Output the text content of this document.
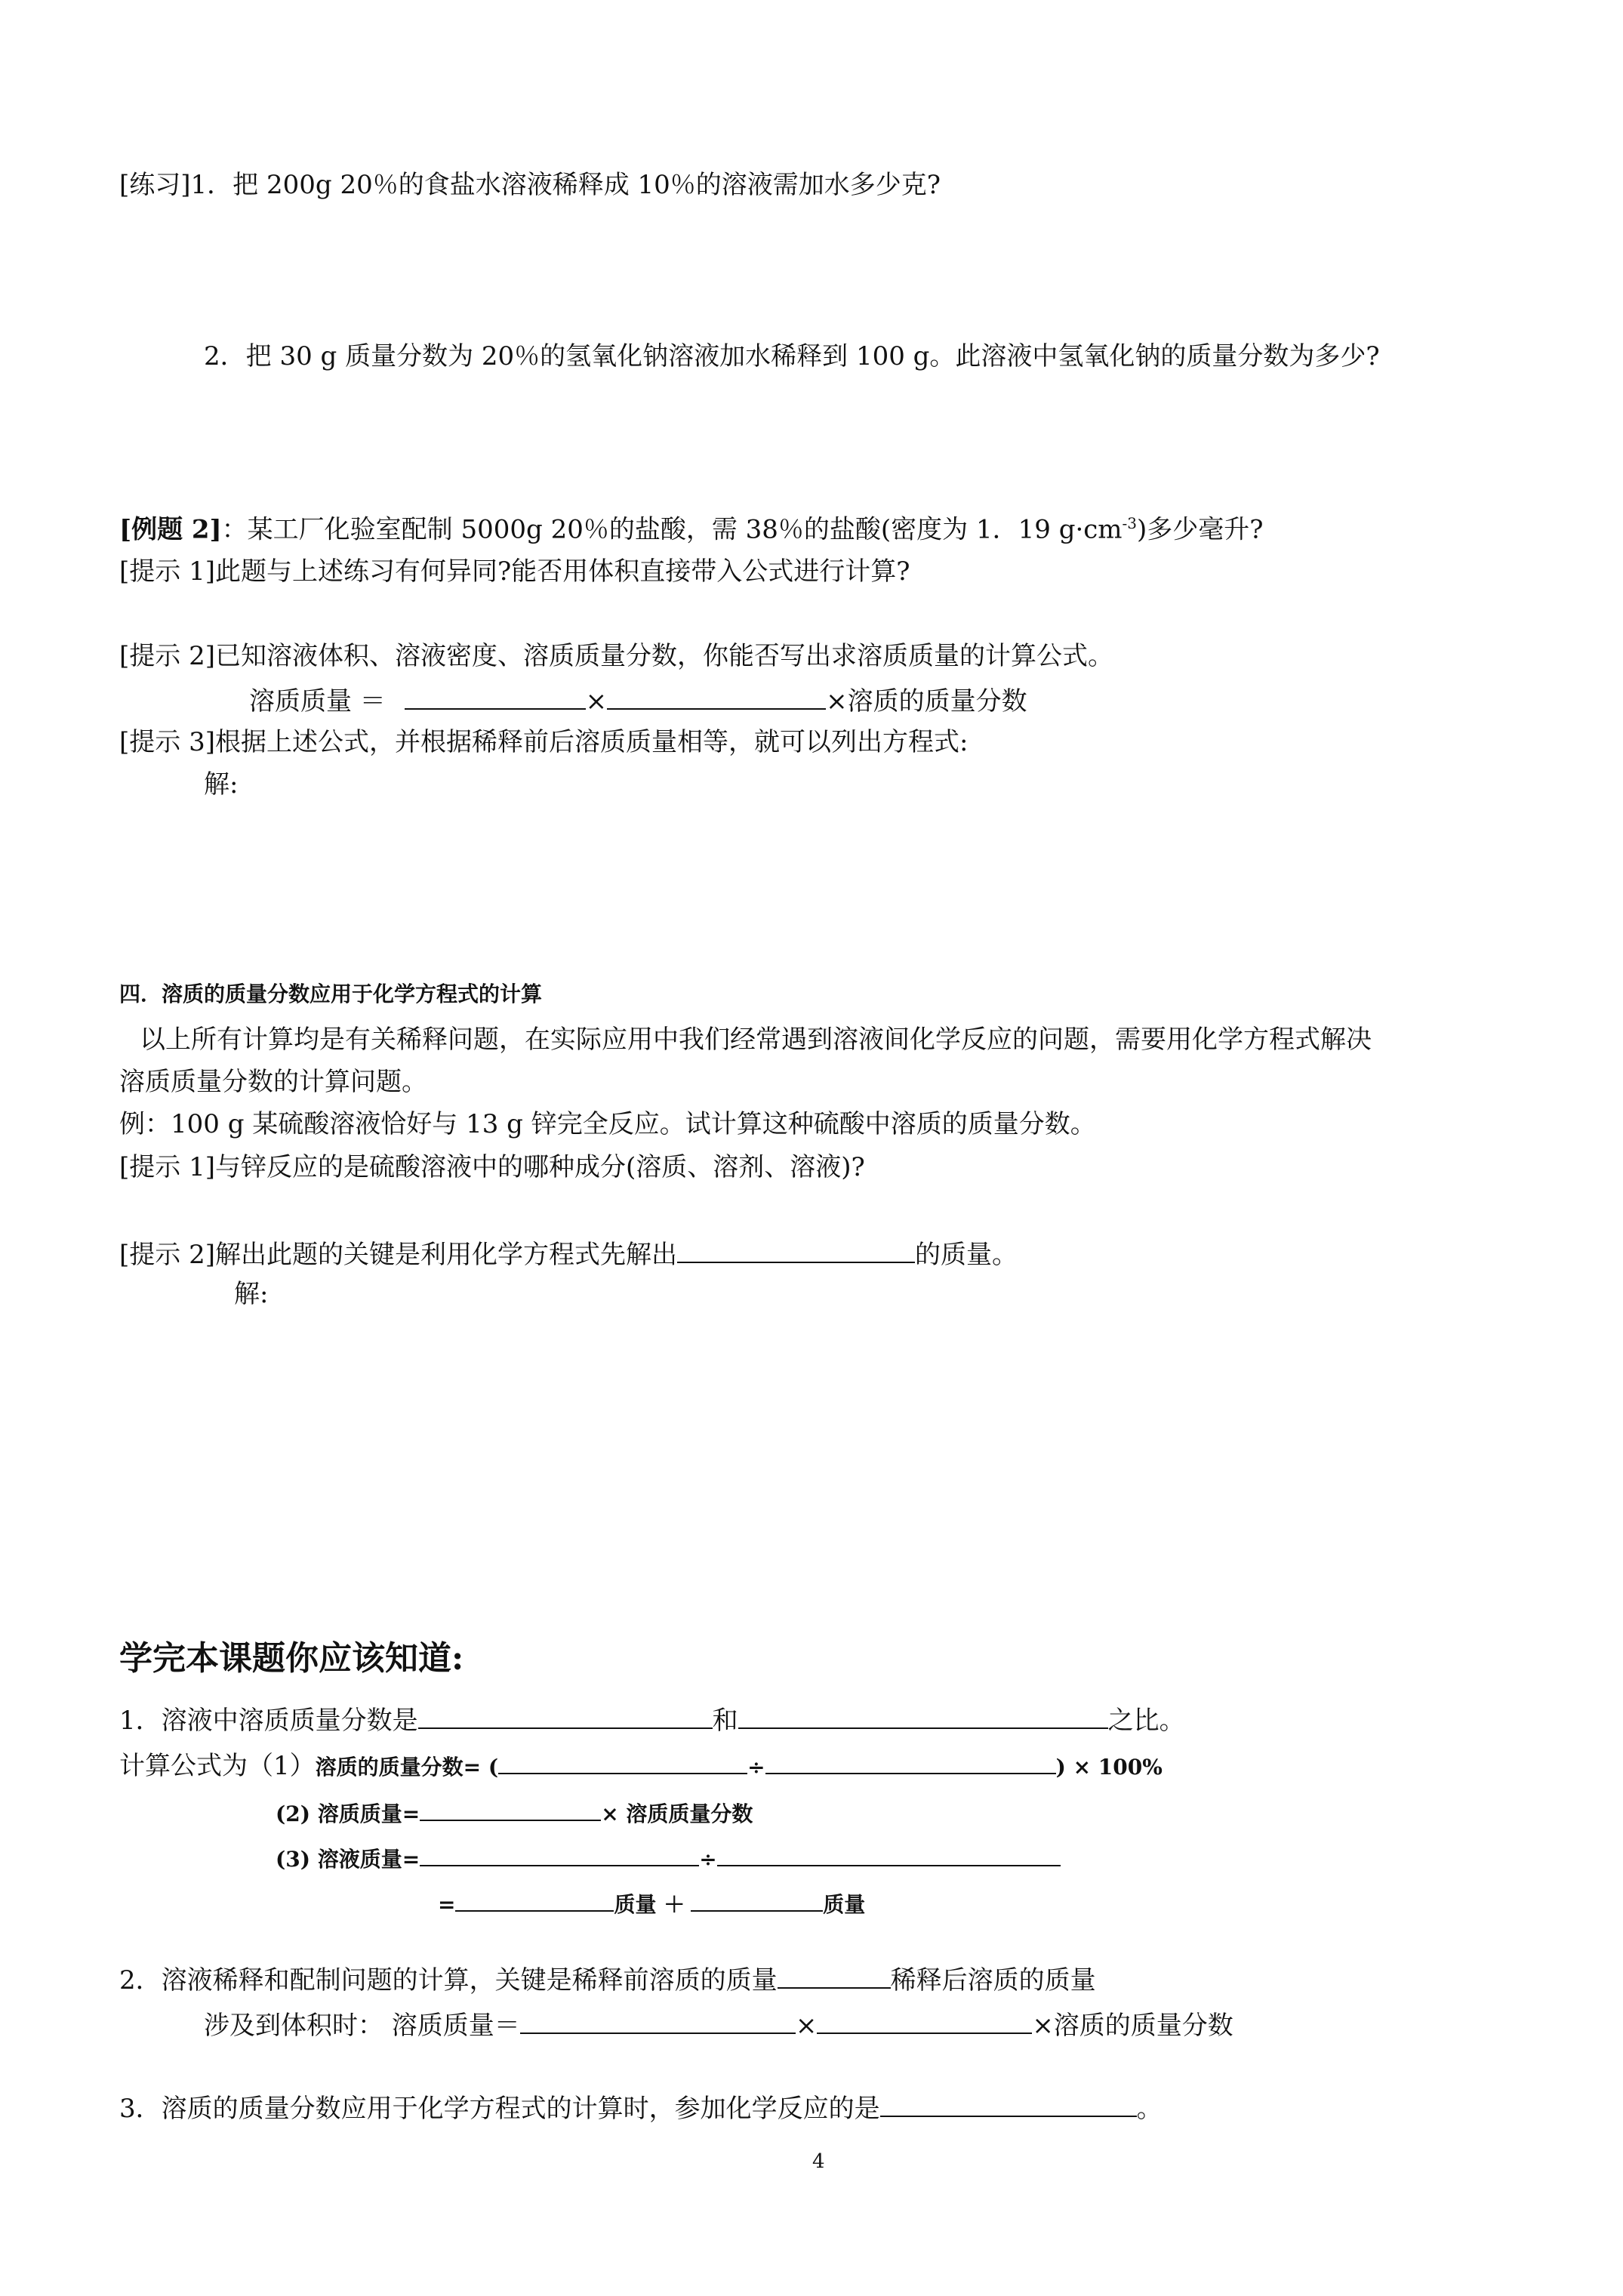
[练习]1．把 200g 20％的食盐水溶液稀释成 10％的溶液需加水多少克?
2．把 30 g 质量分数为 20％的氢氧化钠溶液加水稀释到 100 g。此溶液中氢氧化钠的质量分数为多少?
[例题 2]：某工厂化验室配制 5000g 20％的盐酸，需 38％的盐酸(密度为 1．19 $g\cdot cm^{-3}$)多少毫升?
[提示 1]此题与上述练习有何异同?能否用体积直接带入公式进行计算?
[提示 2]已知溶液体积、溶液密度、溶质质量分数，你能否写出求溶质质量的计算公式。
溶质质量 ＝	×	×溶质的质量分数
[提示 3]根据上述公式，并根据稀释前后溶质质量相等，就可以列出方程式:
解:
四．溶质的质量分数应用于化学方程式的计算
以上所有计算均是有关稀释问题，在实际应用中我们经常遇到溶液间化学反应的问题，需要用化学方程式解决
溶质质量分数的计算问题。
例：100 g 某硫酸溶液恰好与 13 g 锌完全反应。试计算这种硫酸中溶质的质量分数。
[提示 1]与锌反应的是硫酸溶液中的哪种成分(溶质、溶剂、溶液)?
[提示 2]解出此题的关键是利用化学方程式先解出	的质量。
解:
学完本课题你应该知道:
1．溶液中溶质质量分数是	和	之比。
计算公式为（1）溶质的质量分数= (	÷	) × 100%
(2) 溶质质量=	× 溶质质量分数
(3) 溶液质量=	÷
=	质量 ＋	质量
2．溶液稀释和配制问题的计算，关键是稀释前溶质的质量	稀释后溶质的质量
涉及到体积时： 溶质质量＝	×	×溶质的质量分数
3．溶质的质量分数应用于化学方程式的计算时，参加化学反应的是	。
4
